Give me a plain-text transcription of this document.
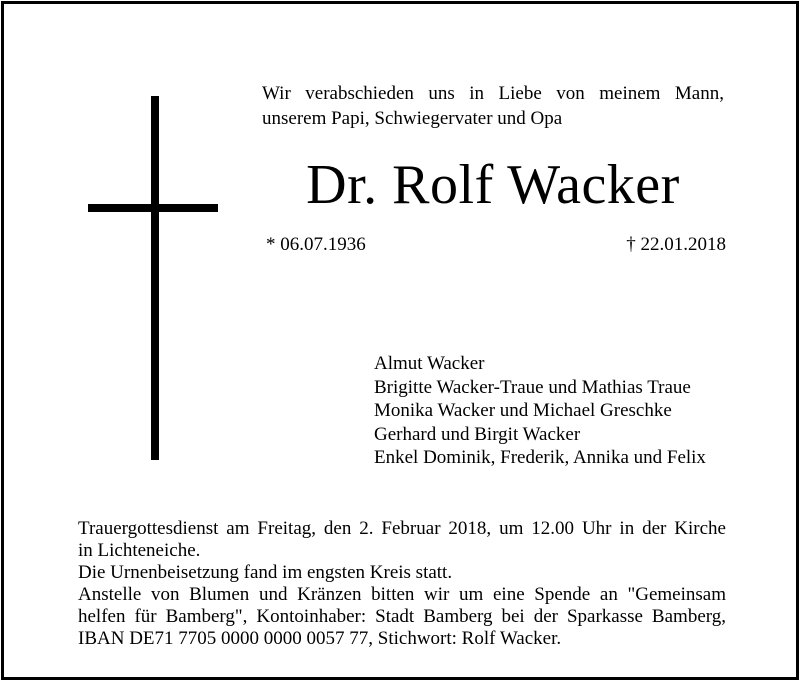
Wir verabschieden uns in Liebe von meinem Mann,
unserem Papi, Schwiegervater und Opa
Dr. Rolf Wacker
* 06.07.1936	† 22.01.2018
Almut Wacker
Brigitte Wacker-Traue und Mathias Traue
Monika Wacker und Michael Greschke
Gerhard und Birgit Wacker
Enkel Dominik, Frederik, Annika und Felix
Trauergottesdienst am Freitag, den 2. Februar 2018, um 12.00 Uhr in der Kirche
in Lichteneiche.
Die Urnenbeisetzung fand im engsten Kreis statt.
Anstelle von Blumen und Kränzen bitten wir um eine Spende an "Gemeinsam
helfen für Bamberg", Kontoinhaber: Stadt Bamberg bei der Sparkasse Bamberg,
IBAN DE71 7705 0000 0000 0057 77, Stichwort: Rolf Wacker.
